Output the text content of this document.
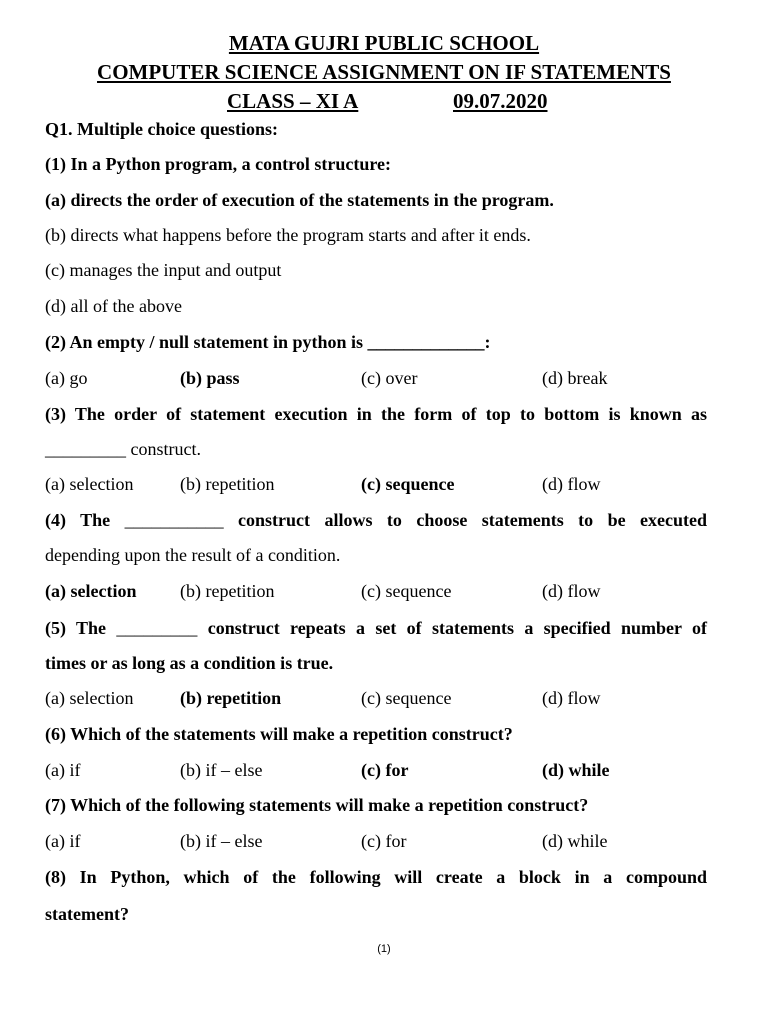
MATA GUJRI PUBLIC SCHOOL
COMPUTER SCIENCE ASSIGNMENT ON IF STATEMENTS
CLASS – XI A	09.07.2020
Q1. Multiple choice questions:
(1) In a Python program, a control structure:
(a) directs the order of execution of the statements in the program.
(b) directs what happens before the program starts and after it ends.
(c) manages the input and output
(d) all of the above
(2) An empty / null statement in python is _____________:
(a) go	(b) pass	(c) over	(d) break
(3) The order of statement execution in the form of top to bottom is known as
_________ construct.
(a) selection	(b) repetition	(c) sequence	(d) flow
(4) The ___________ construct allows to choose statements to be executed
depending upon the result of a condition.
(a) selection (b) repetition	(c) sequence	(d) flow
(5) The _________ construct repeats a set of statements a specified number of
times or as long as a condition is true.
(a) selection	(b) repetition	(c) sequence	(d) flow
(6) Which of the statements will make a repetition construct?
(a) if	(b) if – else	(c) for	(d) while
(7) Which of the following statements will make a repetition construct?
(a) if	(b) if – else	(c) for	(d) while
(8) In Python, which of the following will create a block in a compound
statement?
(1)
